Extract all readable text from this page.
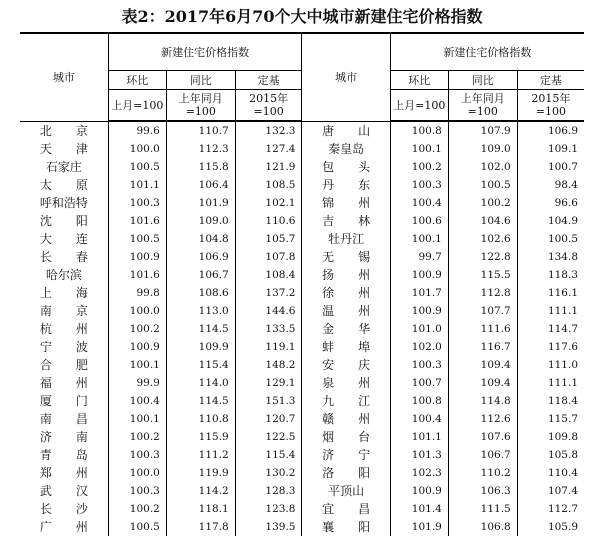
表2：2017年6月70个大中城市新建住宅价格指数
城市	新建住宅价格指数			城市	新建住宅价格指数		
	环比	同比	定基		环比	同比	定基
	上月=100	上年同月=100	2015年=100		上月=100	上年同月=100	2015年=100
北　　京	99.6	110.7	132.3	唐　　山	100.8	107.9	106.9
天　　津	100.0	112.3	127.4	秦皇岛	100.1	109.0	109.1
石家庄	100.5	115.8	121.9	包　　头	100.2	102.0	100.7
太　　原	101.1	106.4	108.5	丹　　东	100.3	100.5	98.4
呼和浩特	100.3	101.9	102.1	锦　　州	100.4	100.2	96.6
沈　　阳	101.6	109.0	110.6	吉　　林	100.6	104.6	104.9
大　　连	100.5	104.8	105.7	牡丹江	100.1	102.6	100.5
长　　春	100.9	106.9	107.8	无　　锡	99.7	122.8	134.8
哈尔滨	101.6	106.7	108.4	扬　　州	100.9	115.5	118.3
上　　海	99.8	108.6	137.2	徐　　州	101.7	112.8	116.1
南　　京	100.0	113.0	144.6	温　　州	100.9	107.7	111.1
杭　　州	100.2	114.5	133.5	金　　华	101.0	111.6	114.7
宁　　波	100.9	109.9	119.1	蚌　　埠	102.0	116.7	117.6
合　　肥	100.1	115.4	148.2	安　　庆	100.3	109.4	111.0
福　　州	99.9	114.0	129.1	泉　　州	100.7	109.4	111.1
厦　　门	100.4	114.5	151.3	九　　江	100.8	114.8	118.4
南　　昌	100.1	110.8	120.7	赣　　州	100.4	112.6	115.7
济　　南	100.2	115.9	122.5	烟　　台	101.1	107.6	109.8
青　　岛	100.3	111.2	115.4	济　　宁	101.3	106.7	105.8
郑　　州	100.0	119.9	130.2	洛　　阳	102.3	110.2	110.4
武　　汉	100.3	114.2	128.3	平顶山	100.9	106.3	107.4
长　　沙	100.2	118.1	123.8	宜　　昌	101.4	111.5	112.7
广　　州	100.5	117.8	139.5	襄　　阳	101.9	106.8	105.9
